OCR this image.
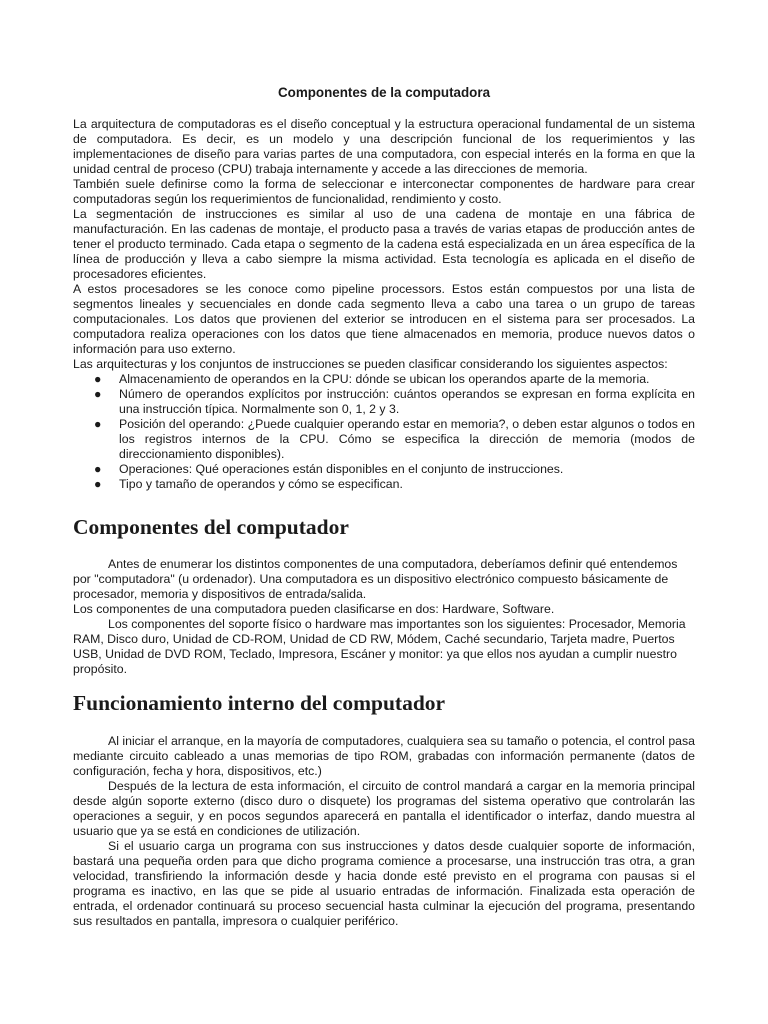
Componentes de la computadora

La arquitectura de computadoras es el diseño conceptual y la estructura operacional fundamental de un sistema de computadora. Es decir, es un modelo y una descripción funcional de los requerimientos y las implementaciones de diseño para varias partes de una computadora, con especial interés en la forma en que la unidad central de proceso (CPU) trabaja internamente y accede a las direcciones de memoria.

También suele definirse como la forma de seleccionar e interconectar componentes de hardware para crear computadoras según los requerimientos de funcionalidad, rendimiento y costo.

La segmentación de instrucciones es similar al uso de una cadena de montaje en una fábrica de manufacturación. En las cadenas de montaje, el producto pasa a través de varias etapas de producción antes de tener el producto terminado. Cada etapa o segmento de la cadena está especializada en un área específica de la línea de producción y lleva a cabo siempre la misma actividad. Esta tecnología es aplicada en el diseño de procesadores eficientes.

A estos procesadores se les conoce como pipeline processors. Estos están compuestos por una lista de segmentos lineales y secuenciales en donde cada segmento lleva a cabo una tarea o un grupo de tareas computacionales. Los datos que provienen del exterior se introducen en el sistema para ser procesados. La computadora realiza operaciones con los datos que tiene almacenados en memoria, produce nuevos datos o información para uso externo.

Las arquitecturas y los conjuntos de instrucciones se pueden clasificar considerando los siguientes aspectos:

● Almacenamiento de operandos en la CPU: dónde se ubican los operandos aparte de la memoria.
● Número de operandos explícitos por instrucción: cuántos operandos se expresan en forma explícita en una instrucción típica. Normalmente son 0, 1, 2 y 3.
● Posición del operando: ¿Puede cualquier operando estar en memoria?, o deben estar algunos o todos en los registros internos de la CPU. Cómo se especifica la dirección de memoria (modos de direccionamiento disponibles).
● Operaciones: Qué operaciones están disponibles en el conjunto de instrucciones.
● Tipo y tamaño de operandos y cómo se especifican.
Componentes del computador

Antes de enumerar los distintos componentes de una computadora, deberíamos definir qué entendemos por "computadora" (u ordenador). Una computadora es un dispositivo electrónico compuesto básicamente de procesador, memoria y dispositivos de entrada/salida.

Los componentes de una computadora pueden clasificarse en dos: Hardware, Software.

Los componentes del soporte físico o hardware mas importantes son los siguientes: Procesador, Memoria RAM, Disco duro, Unidad de CD-ROM, Unidad de CD RW, Módem, Caché secundario, Tarjeta madre, Puertos USB, Unidad de DVD ROM, Teclado, Impresora, Escáner y monitor: ya que ellos nos ayudan a cumplir nuestro propósito.

Funcionamiento interno del computador

Al iniciar el arranque, en la mayoría de computadores, cualquiera sea su tamaño o potencia, el control pasa mediante circuito cableado a unas memorias de tipo ROM, grabadas con información permanente (datos de configuración, fecha y hora, dispositivos, etc.)

Después de la lectura de esta información, el circuito de control mandará a cargar en la memoria principal desde algún soporte externo (disco duro o disquete) los programas del sistema operativo que controlarán las operaciones a seguir, y en pocos segundos aparecerá en pantalla el identificador o interfaz, dando muestra al usuario que ya se está en condiciones de utilización.

Si el usuario carga un programa con sus instrucciones y datos desde cualquier soporte de información, bastará una pequeña orden para que dicho programa comience a procesarse, una instrucción tras otra, a gran velocidad, transfiriendo la información desde y hacia donde esté previsto en el programa con pausas si el programa es inactivo, en las que se pide al usuario entradas de información. Finalizada esta operación de entrada, el ordenador continuará su proceso secuencial hasta culminar la ejecución del programa, presentando sus resultados en pantalla, impresora o cualquier periférico.
